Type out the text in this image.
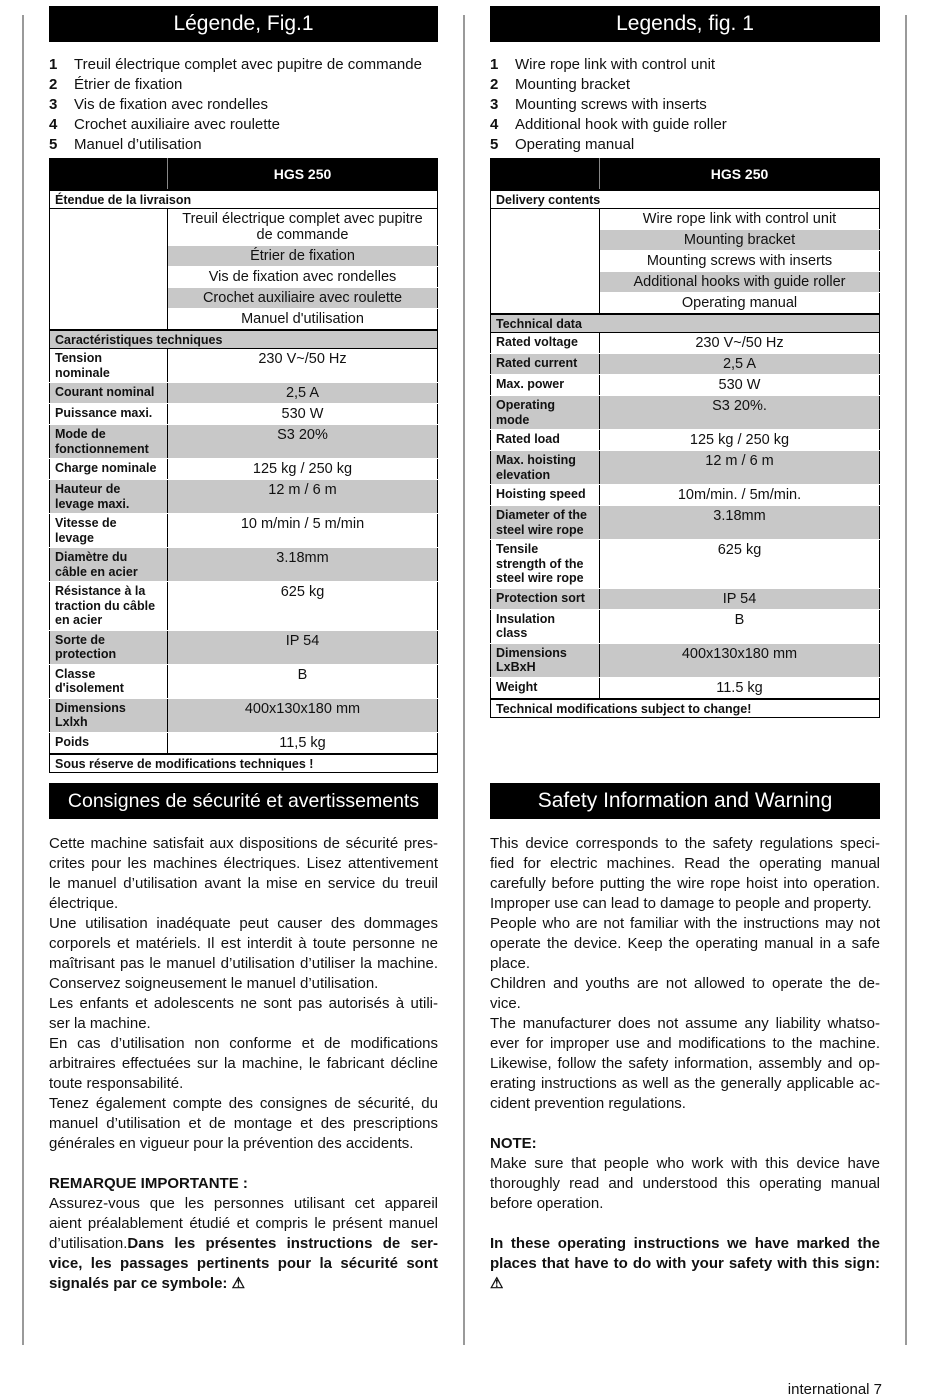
Légende, Fig.1
1	Treuil électrique complet avec pupitre de commande
2	Étrier de fixation
3	Vis de fixation avec rondelles
4	Crochet auxiliaire avec roulette
5	Manuel d’utilisation
	HGS 250
Étendue de la livraison	
	Treuil électrique complet avec pupitre de commande
	Étrier de fixation
	Vis de fixation avec rondelles
	Crochet auxiliaire avec roulette
	Manuel d'utilisation
Caractéristiques techniques	

Tension
nominale	230 V~/50 Hz
Courant nominal	2,5 A
Puissance maxi.	530 W

Mode de
fonctionnement	S3 20%
Charge nominale	125 kg / 250 kg

Hauteur de
levage maxi.	12 m / 6 m

Vitesse de
levage	10 m/min / 5 m/min

Diamètre du
câble en acier	3.18mm

Résistance à la
traction du câble
en acier	625 kg

Sorte de
protection	IP 54

Classe
d'isolement	B

Dimensions
Lxlxh	400x130x180 mm
Poids	11,5 kg
Sous réserve de modifications techniques !	
Legends, fig. 1
1	Wire rope link with control unit
2	Mounting bracket
3	Mounting screws with inserts
4	Additional hook with guide roller
5	Operating manual
	HGS 250
Delivery contents	
	Wire rope link with control unit
	Mounting bracket
	Mounting screws with inserts
	Additional hooks with guide roller
	Operating manual
Technical data	
Rated voltage	230 V~/50 Hz
Rated current	2,5 A
Max. power	530 W

Operating
mode	S3 20%.
Rated load	125 kg / 250 kg

Max. hoisting
elevation	12 m / 6 m
Hoisting speed	10m/min. / 5m/min.

Diameter of the
steel wire rope	3.18mm

Tensile
strength of the
steel wire rope	625 kg
Protection sort	IP 54

Insulation
class	B

Dimensions
LxBxH	400x130x180 mm
Weight	11.5 kg
Technical modifications subject to change!	
Consignes de sécurité et avertissements
Cette machine satisfait aux dispositions de sécurité pres-
crites pour les machines électriques. Lisez attentivement
le manuel d’utilisation avant la mise en service du treuil
électrique.
Une utilisation inadéquate peut causer des dommages
corporels et matériels. Il est interdit à toute personne ne
maîtrisant pas le manuel d’utilisation d’utiliser la machine.
Conservez soigneusement le manuel d’utilisation.
Les enfants et adolescents ne sont pas autorisés à utili-
ser la machine.
En cas d’utilisation non conforme et de modifications
arbitraires effectuées sur la machine, le fabricant décline
toute responsabilité.
Tenez également compte des consignes de sécurité, du
manuel d’utilisation et de montage et des prescriptions
générales en vigueur pour la prévention des accidents.
REMARQUE IMPORTANTE :
Assurez-vous que les personnes utilisant cet appareil
aient préalablement étudié et compris le présent manuel
d’utilisation.Dans les présentes instructions de ser-
vice, les passages pertinents pour la sécurité sont
signalés par ce symbole: ⚠
Safety Information and Warning
This device corresponds to the safety regulations speci-
fied for electric machines. Read the operating manual
carefully before putting the wire rope hoist into operation.
Improper use can lead to damage to people and property.
People who are not familiar with the instructions may not
operate the device. Keep the operating manual in a safe
place.
Children and youths are not allowed to operate the de-
vice.
The manufacturer does not assume any liability whatso-
ever for improper use and modifications to the machine.
Likewise, follow the safety information, assembly and op-
erating instructions as well as the generally applicable ac-
cident prevention regulations.
NOTE:
Make sure that people who work with this device have
thoroughly read and understood this operating manual
before operation.
In these operating instructions we have marked the
places that have to do with your safety with this sign:
⚠
international 7
